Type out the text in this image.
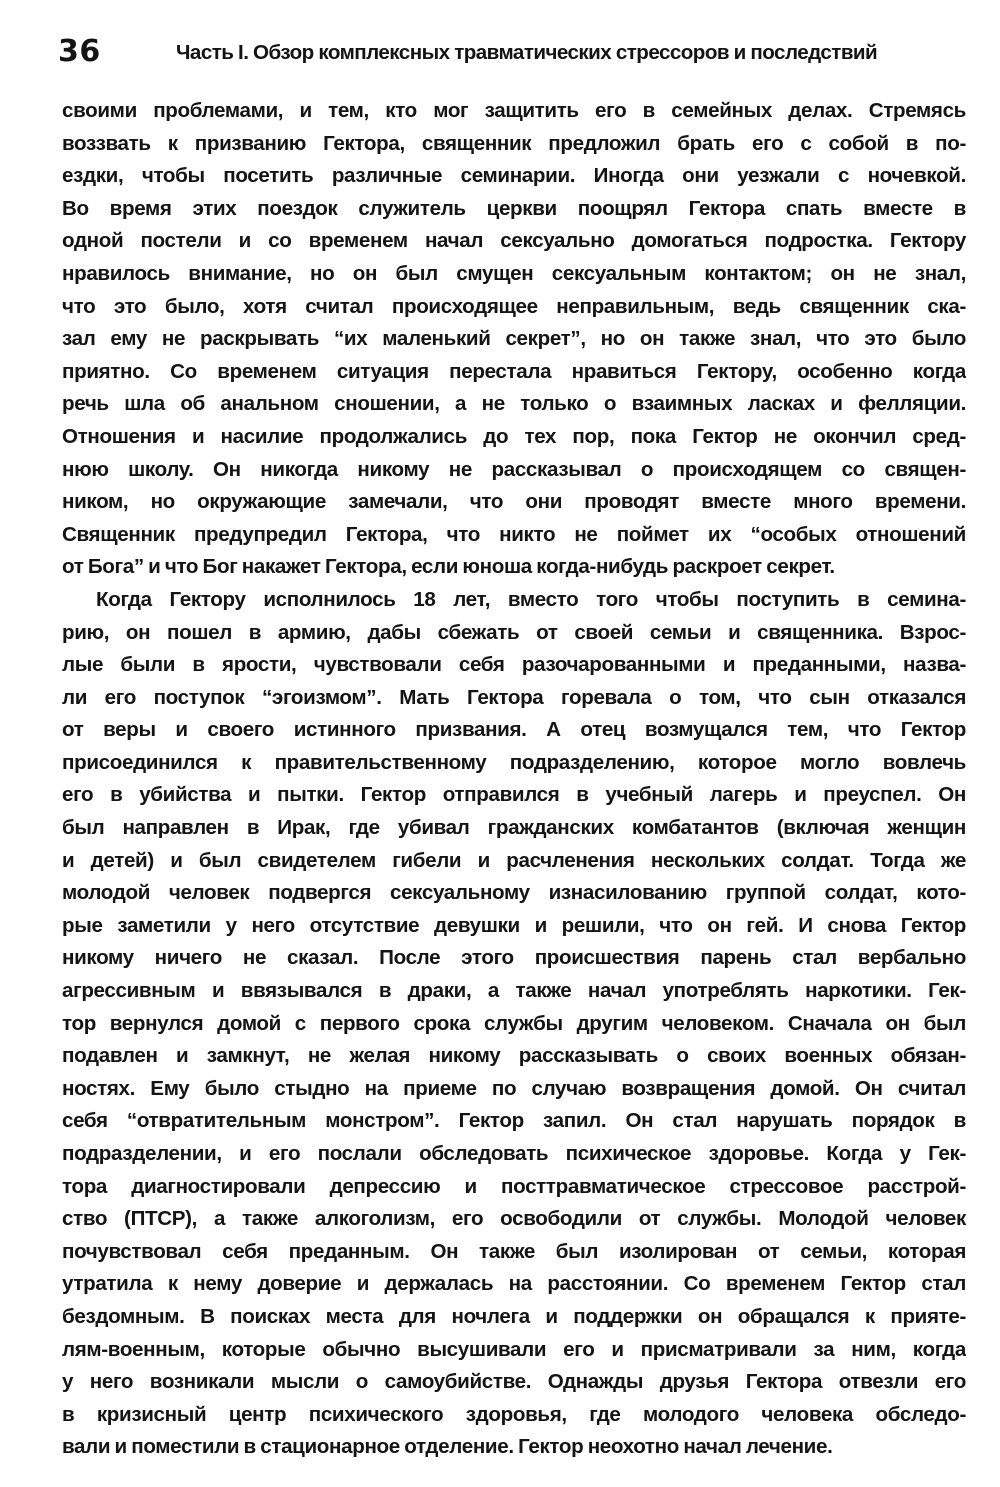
36	Часть I. Обзор комплексных травматических стрессоров и последствий

своими проблемами, и тем, кто мог защитить его в семейных делах. Стремясь
воззвать к призванию Гектора, священник предложил брать его с собой в по-
ездки, чтобы посетить различные семинарии. Иногда они уезжали с ночевкой.
Во время этих поездок служитель церкви поощрял Гектора спать вместе в
одной постели и со временем начал сексуально домогаться подростка. Гектору
нравилось внимание, но он был смущен сексуальным контактом; он не знал,
что это было, хотя считал происходящее неправильным, ведь священник ска-
зал ему не раскрывать “их маленький секрет”, но он также знал, что это было
приятно. Со временем ситуация перестала нравиться Гектору, особенно когда
речь шла об анальном сношении, а не только о взаимных ласках и фелляции.
Отношения и насилие продолжались до тех пор, пока Гектор не окончил сред-
нюю школу. Он никогда никому не рассказывал о происходящем со священ-
ником, но окружающие замечали, что они проводят вместе много времени.
Священник предупредил Гектора, что никто не поймет их “особых отношений
от Бога” и что Бог накажет Гектора, если юноша когда-нибудь раскроет секрет.

Когда Гектору исполнилось 18 лет, вместо того чтобы поступить в семина-
рию, он пошел в армию, дабы сбежать от своей семьи и священника. Взрос-
лые были в ярости, чувствовали себя разочарованными и преданными, назва-
ли его поступок “эгоизмом”. Мать Гектора горевала о том, что сын отказался
от веры и своего истинного призвания. А отец возмущался тем, что Гектор
присоединился к правительственному подразделению, которое могло вовлечь
его в убийства и пытки. Гектор отправился в учебный лагерь и преуспел. Он
был направлен в Ирак, где убивал гражданских комбатантов (включая женщин
и детей) и был свидетелем гибели и расчленения нескольких солдат. Тогда же
молодой человек подвергся сексуальному изнасилованию группой солдат, кото-
рые заметили у него отсутствие девушки и решили, что он гей. И снова Гектор
никому ничего не сказал. После этого происшествия парень стал вербально
агрессивным и ввязывался в драки, а также начал употреблять наркотики. Гек-
тор вернулся домой с первого срока службы другим человеком. Сначала он был
подавлен и замкнут, не желая никому рассказывать о своих военных обязан-
ностях. Ему было стыдно на приеме по случаю возвращения домой. Он считал
себя “отвратительным монстром”. Гектор запил. Он стал нарушать порядок в
подразделении, и его послали обследовать психическое здоровье. Когда у Гек-
тора диагностировали депрессию и посттравматическое стрессовое расстрой-
ство (ПТСР), а также алкоголизм, его освободили от службы. Молодой человек
почувствовал себя преданным. Он также был изолирован от семьи, которая
утратила к нему доверие и держалась на расстоянии. Со временем Гектор стал
бездомным. В поисках места для ночлега и поддержки он обращался к прияте-
лям-военным, которые обычно высушивали его и присматривали за ним, когда
у него возникали мысли о самоубийстве. Однажды друзья Гектора отвезли его
в кризисный центр психического здоровья, где молодого человека обследо-
вали и поместили в стационарное отделение. Гектор неохотно начал лечение.
